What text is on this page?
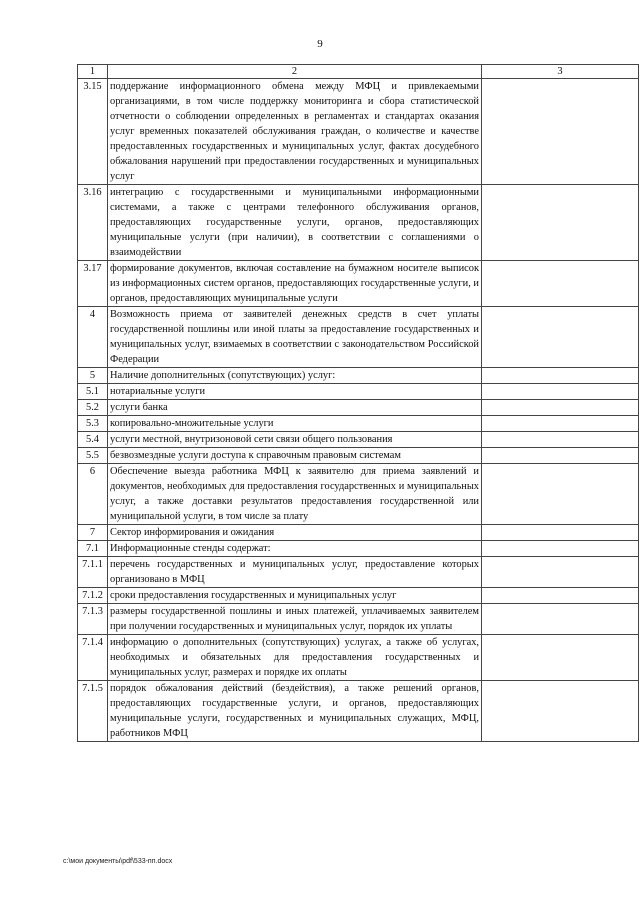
9
1	2	3
3.15	поддержание информационного обмена между МФЦ и привлекаемыми организациями, в том числе поддержку мониторинга и сбора статистической отчетности о соблюдении определенных в регламентах и стандартах оказания услуг временных показателей обслуживания граждан, о количестве и качестве предоставленных государственных и муниципальных услуг, фактах досудебного обжалования нарушений при предоставлении государственных и муниципальных услуг	
3.16	интеграцию с государственными и муниципальными информационными системами, а также с центрами телефонного обслуживания органов, предоставляющих государственные услуги, органов, предоставляющих муниципальные услуги (при наличии), в соответствии с соглашениями о взаимодействии	
3.17	формирование документов, включая составление на бумажном носителе выписок из информационных систем органов, предоставляющих государственные услуги, и органов, предоставляющих муниципальные услуги	
4	Возможность приема от заявителей денежных средств в счет уплаты государственной пошлины или иной платы за предоставление государственных и муниципальных услуг, взимаемых в соответствии с законодательством Российской Федерации	
5	Наличие дополнительных (сопутствующих) услуг:	
5.1	нотариальные услуги	
5.2	услуги банка	
5.3	копировально-множительные услуги	
5.4	услуги местной, внутризоновой сети связи общего пользования	
5.5	безвозмездные услуги доступа к справочным правовым системам	
6	Обеспечение выезда работника МФЦ к заявителю для приема заявлений и документов, необходимых для предоставления государственных и муниципальных услуг, а также доставки результатов предоставления государственной или муниципальной услуги, в том числе за плату	
7	Сектор информирования и ожидания	
7.1	Информационные стенды содержат:	
7.1.1	перечень государственных и муниципальных услуг, предоставление которых организовано в МФЦ	
7.1.2	сроки предоставления государственных и муниципальных услуг	
7.1.3	размеры государственной пошлины и иных платежей, уплачиваемых заявителем при получении государственных и муниципальных услуг, порядок их уплаты	
7.1.4	информацию о дополнительных (сопутствующих) услугах, а также об услугах, необходимых и обязательных для предоставления государственных и муниципальных услуг, размерах и порядке их оплаты	
7.1.5	порядок обжалования действий (бездействия), а также решений органов, предоставляющих государственные услуги, и органов, предоставляющих муниципальные услуги, государственных и муниципальных служащих, МФЦ, работников МФЦ	
c:\мои документы\pdf\533-пп.docx
